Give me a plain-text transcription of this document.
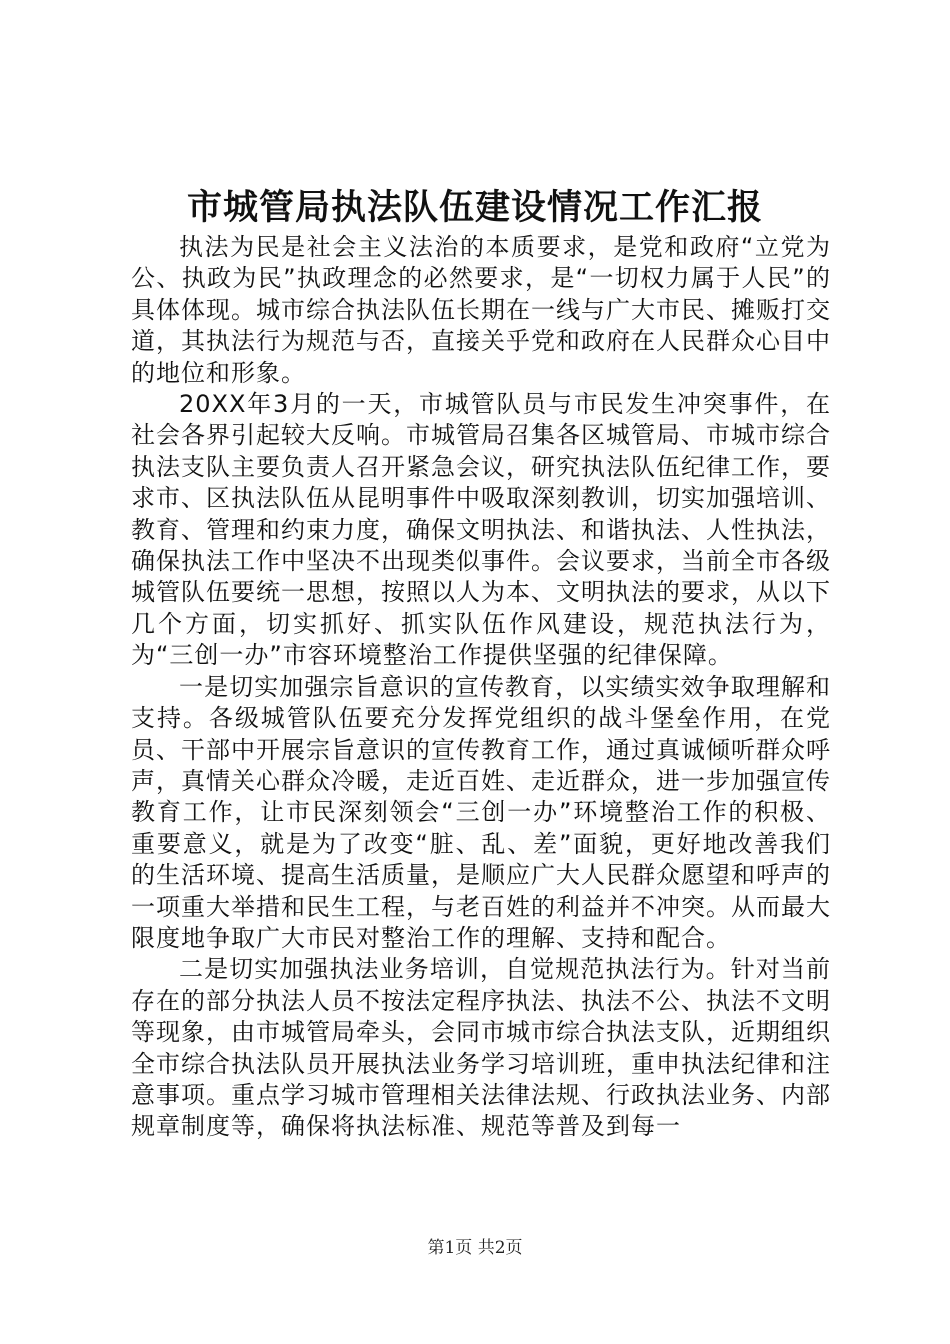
市城管局执法队伍建设情况工作汇报

执法为民是社会主义法治的本质要求，是党和政府“立党为公、执政为民”执政理念的必然要求，是“一切权力属于人民”的具体体现。城市综合执法队伍长期在一线与广大市民、摊贩打交道，其执法行为规范与否，直接关乎党和政府在人民群众心目中的地位和形象。

20XX年3月的一天，市城管队员与市民发生冲突事件，在社会各界引起较大反响。市城管局召集各区城管局、市城市综合执法支队主要负责人召开紧急会议，研究执法队伍纪律工作，要求市、区执法队伍从昆明事件中吸取深刻教训，切实加强培训、教育、管理和约束力度，确保文明执法、和谐执法、人性执法，确保执法工作中坚决不出现类似事件。会议要求，当前全市各级城管队伍要统一思想，按照以人为本、文明执法的要求，从以下几个方面，切实抓好、抓实队伍作风建设，规范执法行为，为“三创一办”市容环境整治工作提供坚强的纪律保障。

一是切实加强宗旨意识的宣传教育，以实绩实效争取理解和支持。各级城管队伍要充分发挥党组织的战斗堡垒作用，在党员、干部中开展宗旨意识的宣传教育工作，通过真诚倾听群众呼声，真情关心群众冷暖，走近百姓、走近群众，进一步加强宣传教育工作，让市民深刻领会“三创一办”环境整治工作的积极、重要意义，就是为了改变“脏、乱、差”面貌，更好地改善我们的生活环境、提高生活质量，是顺应广大人民群众愿望和呼声的一项重大举措和民生工程，与老百姓的利益并不冲突。从而最大限度地争取广大市民对整治工作的理解、支持和配合。

二是切实加强执法业务培训，自觉规范执法行为。针对当前存在的部分执法人员不按法定程序执法、执法不公、执法不文明等现象，由市城管局牵头，会同市城市综合执法支队，近期组织全市综合执法队员开展执法业务学习培训班，重申执法纪律和注意事项。重点学习城市管理相关法律法规、行政执法业务、内部规章制度等，确保将执法标准、规范等普及到每一

第1页 共2页
